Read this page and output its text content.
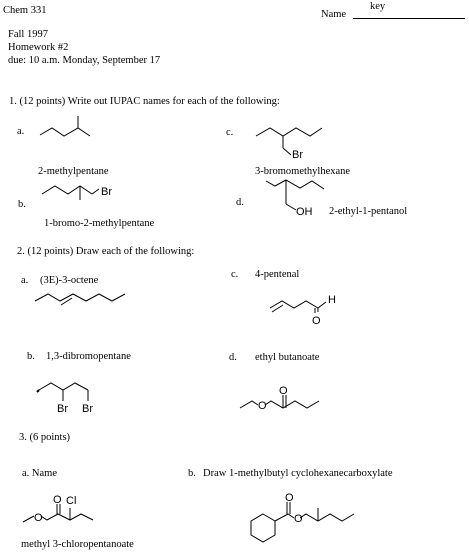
Chem 331	Name
key
Fall 1997
Homework #2
due: 10 a.m. Monday, September 17
1. (12 points) Write out IUPAC names for each of the following:
a.
2-methylpentane
c.
Br
3-bromomethylhexane
b.
Br
1-bromo-2-methylpentane
d.
OH 2-ethyl-1-pentanol
2. (12 points) Draw each of the following:
a. (3E)-3-octene
c. 4-pentenal
H
O
b. 1,3-dibromopentane
Br Br
d. ethyl butanoate
O
O
3. (6 points)
a. Name
O
O Cl
methyl 3-chloropentanoate
b. Draw 1-methylbutyl cyclohexanecarboxylate
O
O
